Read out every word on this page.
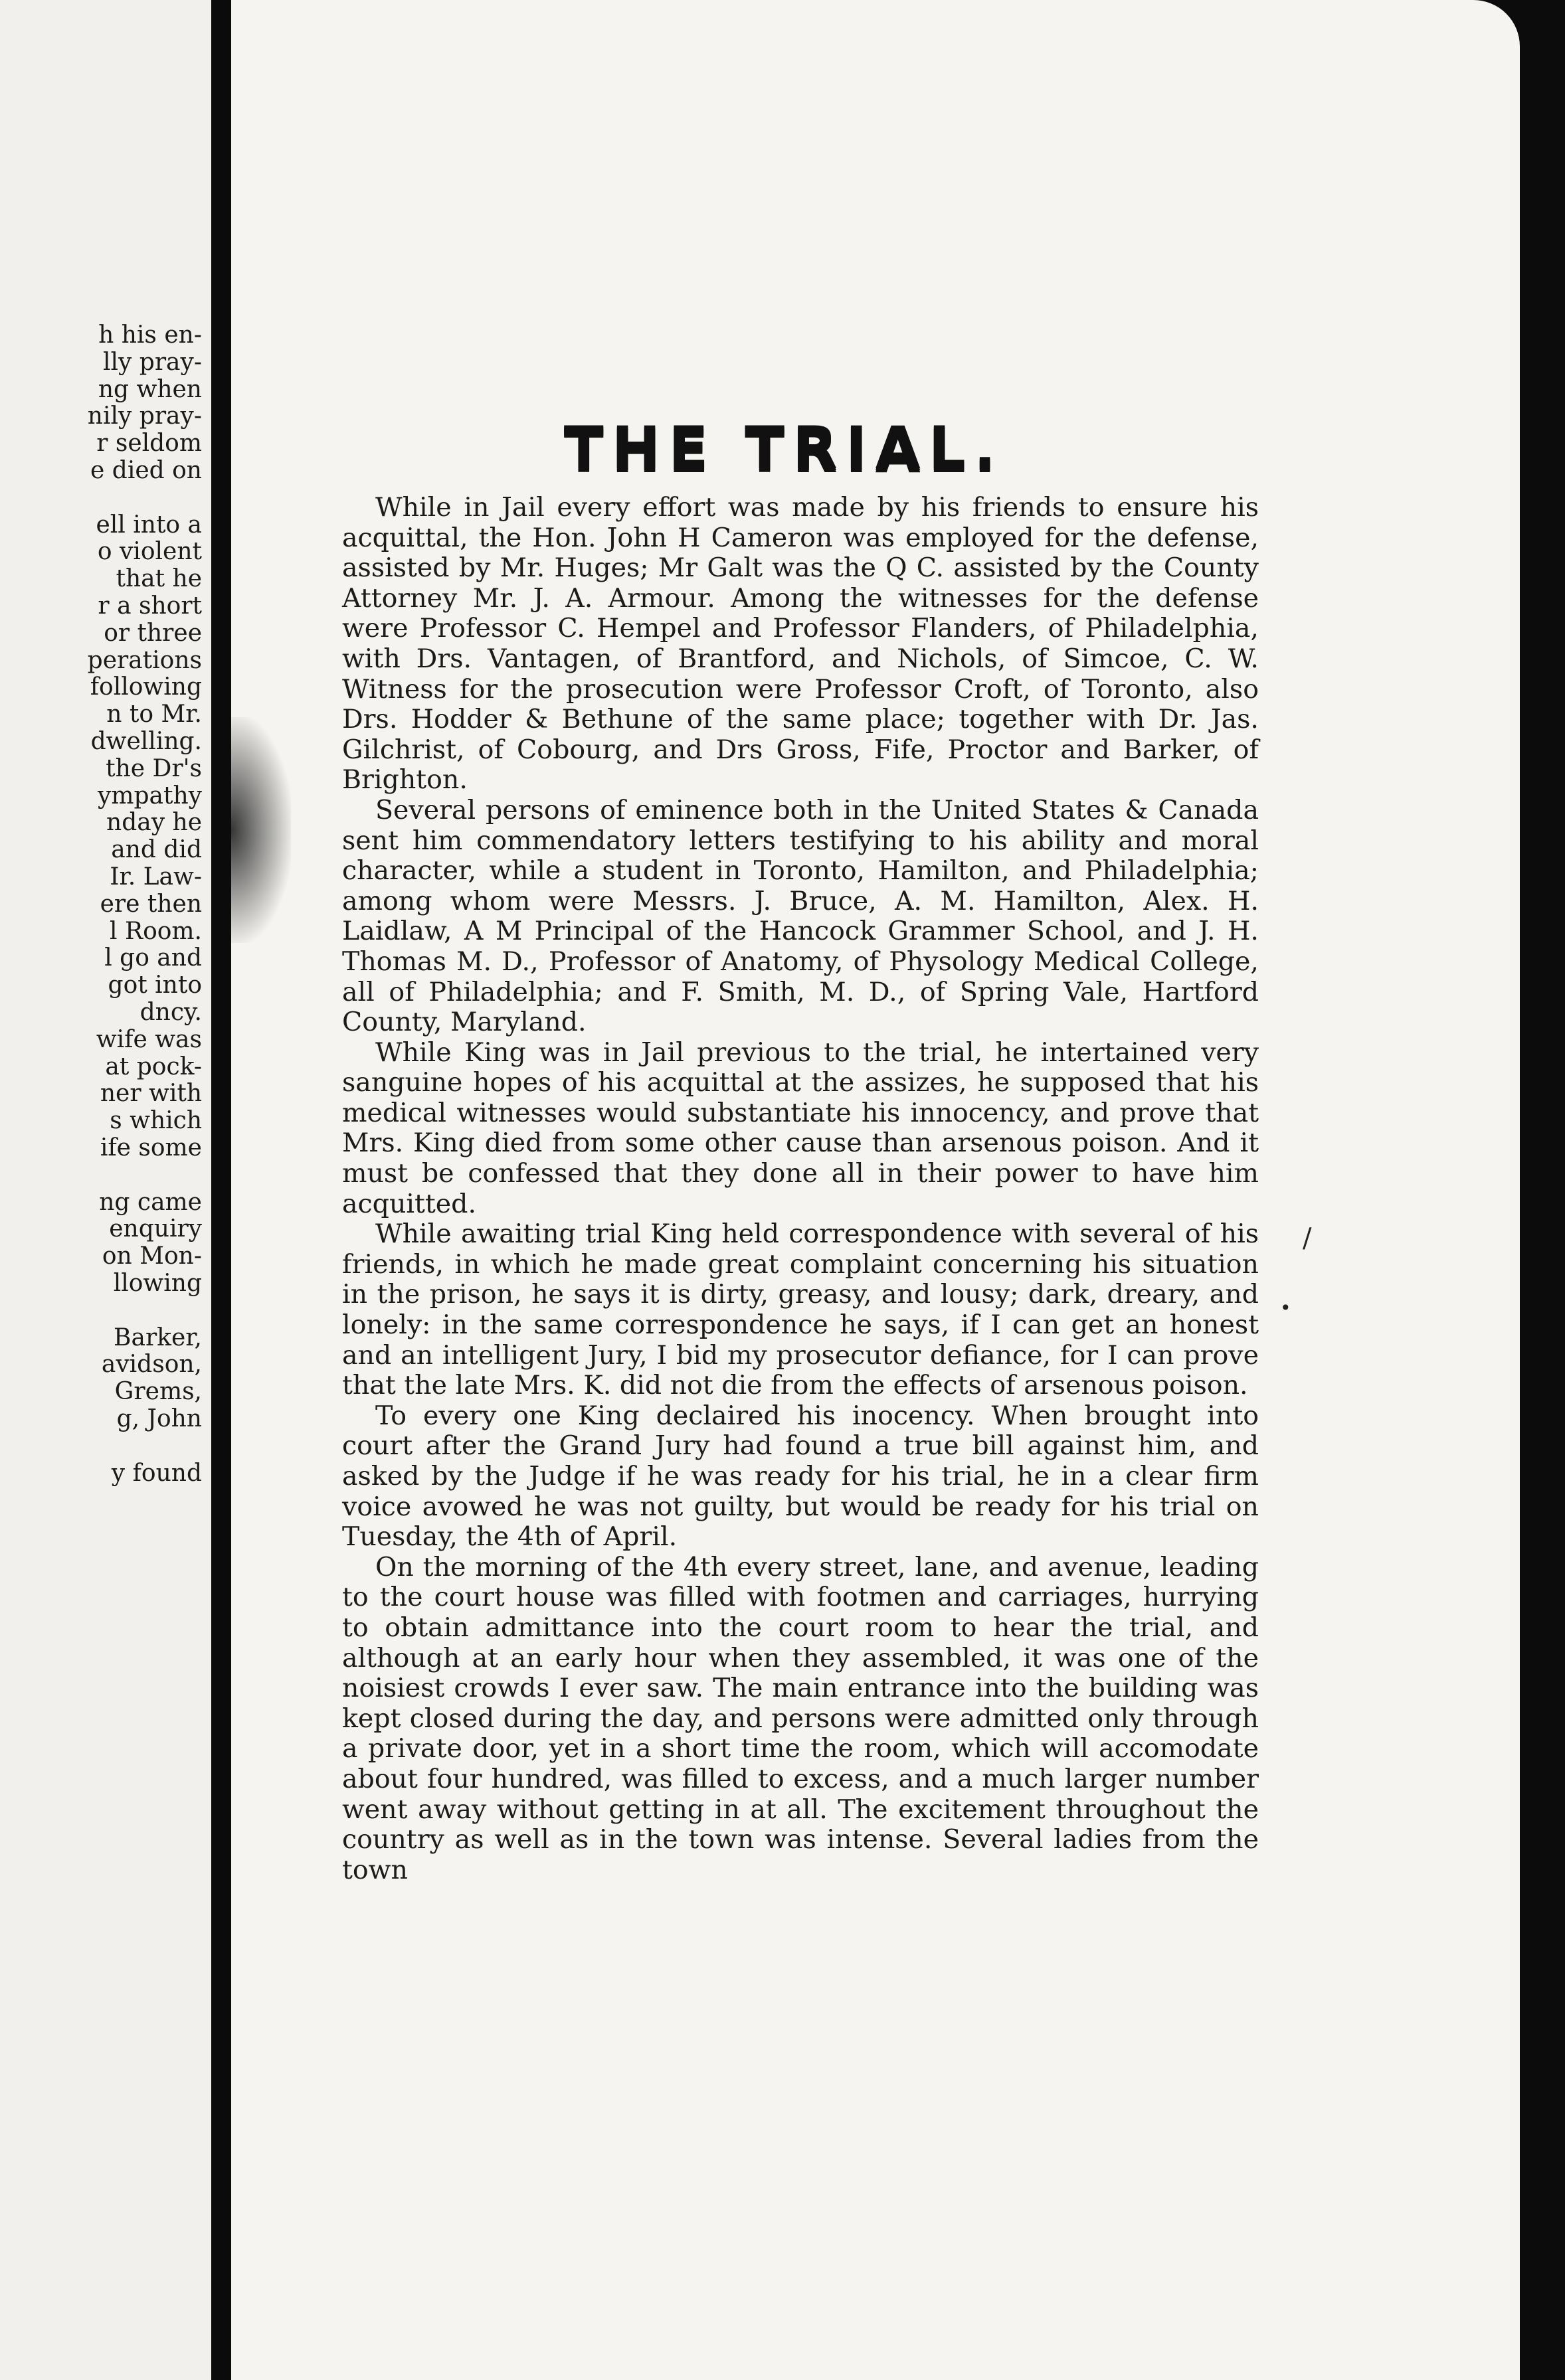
h his en-
lly pray-
ng when
nily pray-
r seldom
e died on
ell into a
o violent
that he
r a short
or three
perations
following
n to Mr.
dwelling.
the Dr's
ympathy
nday he
and did
Ir. Law-
ere then
l Room.
l go and
got into
dncy.
wife was
at pock-
ner with
s which
ife some
ng came
enquiry
on Mon-
llowing
Barker,
avidson,
Grems,
g, John
y found
THE TRIAL.

While in Jail every effort was made by his friends to ensure his acquittal, the Hon. John H Cameron was employed for the defense, assisted by Mr. Huges; Mr Galt was the Q C. assisted by the County Attorney Mr. J. A. Armour. Among the witnesses for the defense were Professor C. Hempel and Professor Flanders, of Philadelphia, with Drs. Vantagen, of Brantford, and Nichols, of Simcoe, C. W. Witness for the prosecution were Professor Croft, of Toronto, also Drs. Hodder & Bethune of the same place; together with Dr. Jas. Gilchrist, of Cobourg, and Drs Gross, Fife, Proctor and Barker, of Brighton.

Several persons of eminence both in the United States & Canada sent him commendatory letters testifying to his ability and moral character, while a student in Toronto, Hamilton, and Philadelphia; among whom were Messrs. J. Bruce, A. M. Hamilton, Alex. H. Laidlaw, A M Principal of the Hancock Grammer School, and J. H. Thomas M. D., Professor of Anatomy, of Physology Medical College, all of Philadelphia; and F. Smith, M. D., of Spring Vale, Hartford County, Maryland.

While King was in Jail previous to the trial, he intertained very sanguine hopes of his acquittal at the assizes, he supposed that his medical witnesses would substantiate his innocency, and prove that Mrs. King died from some other cause than arsenous poison. And it must be confessed that they done all in their power to have him acquitted.

While awaiting trial King held correspondence with several of his friends, in which he made great complaint concerning his situation in the prison, he says it is dirty, greasy, and lousy; dark, dreary, and lonely: in the same correspondence he says, if I can get an honest and an intelligent Jury, I bid my prosecutor defiance, for I can prove that the late Mrs. K. did not die from the effects of arsenous poison.

To every one King declaired his inocency. When brought into court after the Grand Jury had found a true bill against him, and asked by the Judge if he was ready for his trial, he in a clear firm voice avowed he was not guilty, but would be ready for his trial on Tuesday, the 4th of April.

On the morning of the 4th every street, lane, and avenue, leading to the court house was filled with footmen and carriages, hurrying to obtain admittance into the court room to hear the trial, and although at an early hour when they assembled, it was one of the noisiest crowds I ever saw. The main entrance into the building was kept closed during the day, and persons were admitted only through a private door, yet in a short time the room, which will accomodate about four hundred, was filled to excess, and a much larger number went away without getting in at all. The excitement throughout the country as well as in the town was intense. Several ladies from the town

/
•
